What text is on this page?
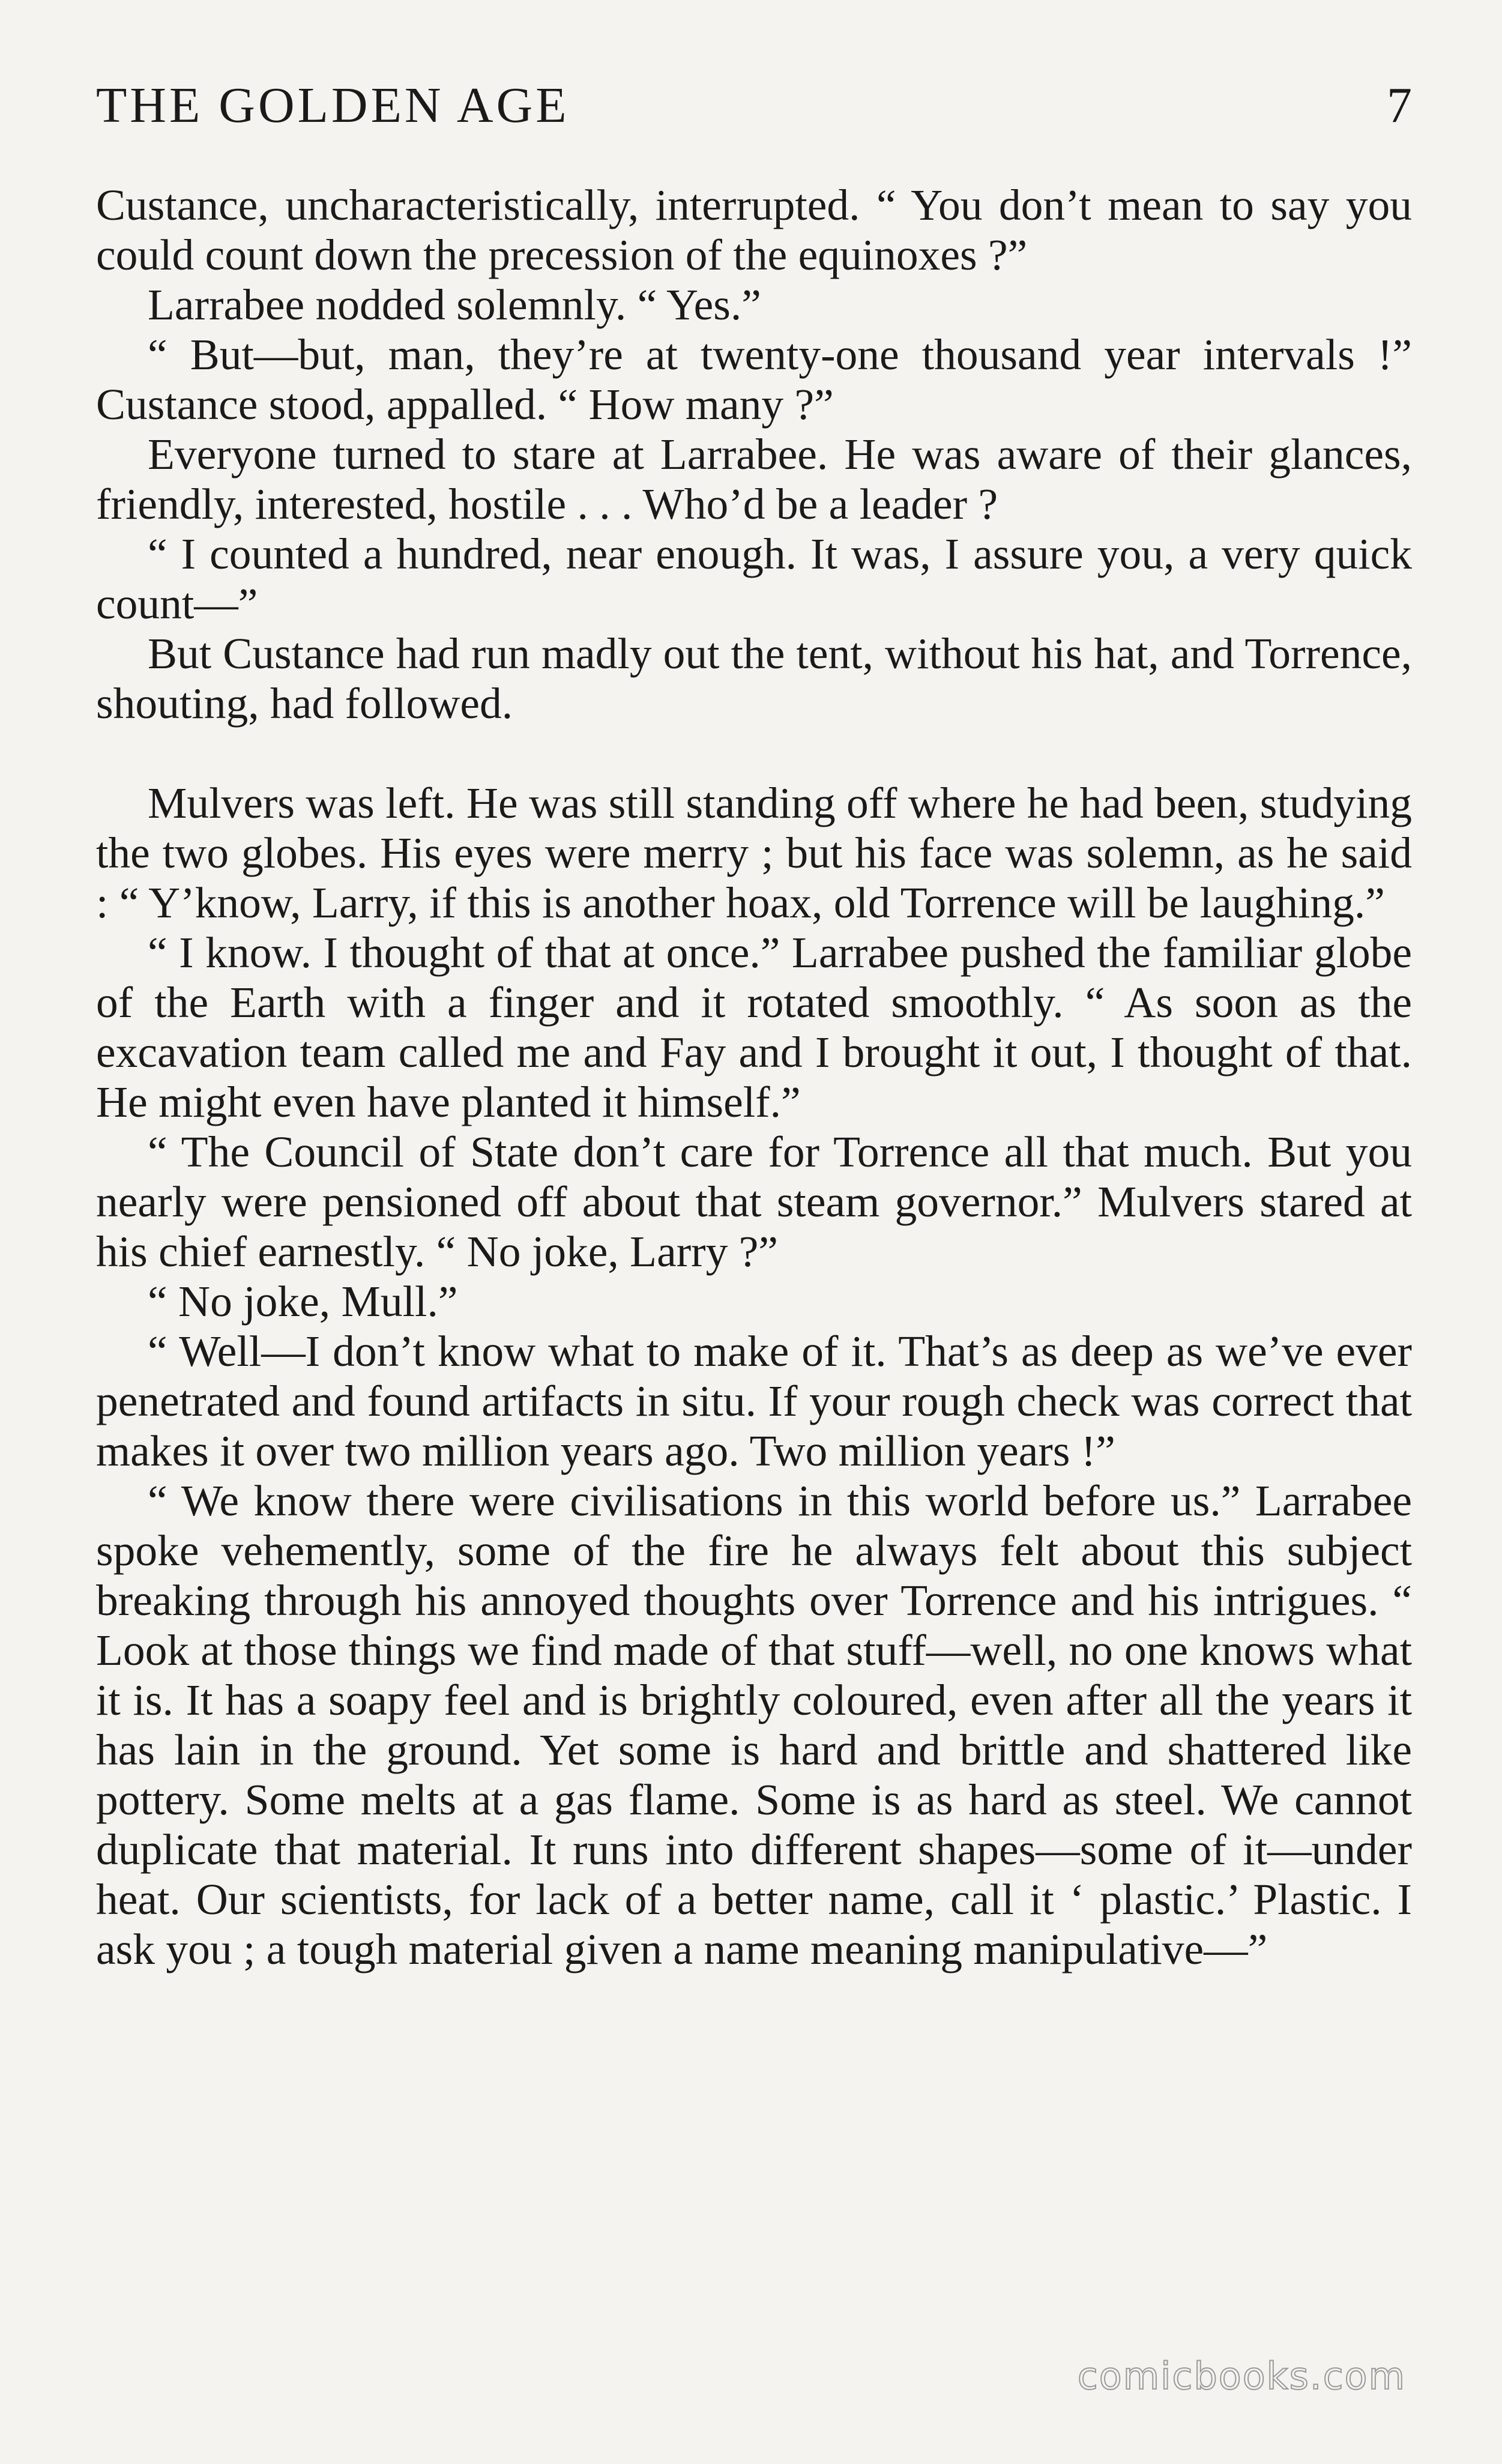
THE GOLDEN AGE	7

Custance, uncharacteristically, interrupted. “ You don’t mean to say you could count down the precession of the equinoxes ?”

Larrabee nodded solemnly. “ Yes.”

“ But—but, man, they’re at twenty-one thousand year intervals !” Custance stood, appalled. “ How many ?”

Everyone turned to stare at Larrabee. He was aware of their glances, friendly, interested, hostile . . . Who’d be a leader ?

“ I counted a hundred, near enough. It was, I assure you, a very quick count—”

But Custance had run madly out the tent, without his hat, and Torrence, shouting, had followed.

Mulvers was left. He was still standing off where he had been, studying the two globes. His eyes were merry ; but his face was solemn, as he said : “ Y’know, Larry, if this is another hoax, old Torrence will be laughing.”

“ I know. I thought of that at once.” Larrabee pushed the familiar globe of the Earth with a finger and it rotated smoothly. “ As soon as the excavation team called me and Fay and I brought it out, I thought of that. He might even have planted it himself.”

“ The Council of State don’t care for Torrence all that much. But you nearly were pensioned off about that steam governor.” Mulvers stared at his chief earnestly. “ No joke, Larry ?”

“ No joke, Mull.”

“ Well—I don’t know what to make of it. That’s as deep as we’ve ever penetrated and found artifacts in situ. If your rough check was correct that makes it over two million years ago. Two million years !”

“ We know there were civilisations in this world before us.” Larrabee spoke vehemently, some of the fire he always felt about this subject breaking through his annoyed thoughts over Torrence and his intrigues. “ Look at those things we find made of that stuff—well, no one knows what it is. It has a soapy feel and is brightly coloured, even after all the years it has lain in the ground. Yet some is hard and brittle and shattered like pottery. Some melts at a gas flame. Some is as hard as steel. We cannot duplicate that material. It runs into different shapes—some of it—under heat. Our scientists, for lack of a better name, call it ‘ plastic.’ Plastic. I ask you ; a tough material given a name meaning manipulative—”

comicbooks.com
